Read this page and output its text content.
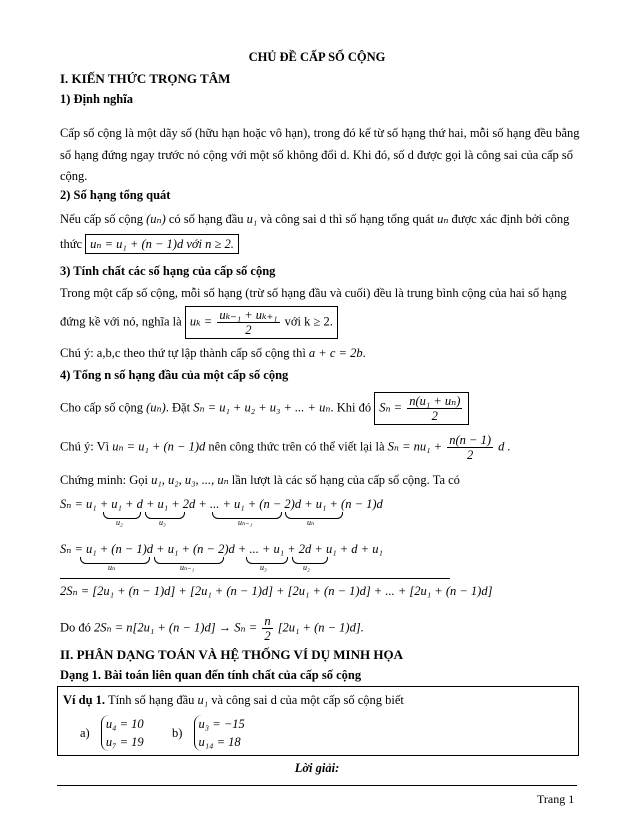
CHỦ ĐỀ CẤP SỐ CỘNG
I. KIẾN THỨC TRỌNG TÂM
1) Định nghĩa
Cấp số cộng là một dãy số (hữu hạn hoặc vô hạn), trong đó kể từ số hạng thứ hai, mỗi số hạng đều bằng
số hạng đứng ngay trước nó cộng với một số không đổi d. Khi đó, số d được gọi là công sai của cấp số
cộng.
2) Số hạng tổng quát
Nếu cấp số cộng (uₙ) có số hạng đầu u₁ và công sai d thì số hạng tổng quát uₙ được xác định bởi công
thức uₙ = u₁ + (n − 1)d với n ≥ 2.
3) Tính chất các số hạng của cấp số cộng
Trong một cấp số cộng, mỗi số hạng (trừ số hạng đầu và cuối) đều là trung bình cộng của hai số hạng
đứng kề với nó, nghĩa là $u_k = \frac{\text{uₖ₋₁ + uₖ₊₁}}{2}$ với k ≥ 2.
Chú ý: a,b,c theo thứ tự lập thành cấp số cộng thì a + c = 2b.
4) Tổng n số hạng đầu của một cấp số cộng
Cho cấp số cộng (uₙ). Đặt Sₙ = u₁ + u₂ + u₃ + ... + uₙ. Khi đó $S_n = \frac{\text{n(u₁ + uₙ)}}{2}$
Chú ý: Vì uₙ = u₁ + (n − 1)d nên công thức trên có thể viết lại là $S_n = nu_1 + \frac{n(n - 1)}{2}$ d .
Chứng minh: Gọi u₁, u₂, u₃, ..., uₙ lần lượt là các số hạng của cấp số cộng. Ta có
Sₙ = u₁ + u₁ + d + u₁ + 2d + ... + u₁ + (n − 2)d + u₁ + (n − 1)d
u₂	u₃	uₙ₋₁	uₙ
Sₙ = u₁ + (n − 1)d + u₁ + (n − 2)d + ... + u₁ + 2d + u₁ + d + u₁
uₙ	uₙ₋₁	u₃	u₂
2Sₙ = [2u₁ + (n − 1)d] + [2u₁ + (n − 1)d] + [2u₁ + (n − 1)d] + ... + [2u₁ + (n − 1)d]
Do đó $2S_n = n[2u_1 + (n - 1)d] \to S_n = \frac{n}{2} [2u_1 + (n - 1)d]$.
II. PHÂN DẠNG TOÁN VÀ HỆ THỐNG VÍ DỤ MINH HỌA
Dạng 1. Bài toán liên quan đến tính chất của cấp số cộng
Ví dụ 1. Tính số hạng đầu u₁ và công sai d của một cấp số cộng biết
a)
u₄ = 10
u₇ = 19
b)
u₃ = −15
u₁₄ = 18
Lời giải:
Trang 1
